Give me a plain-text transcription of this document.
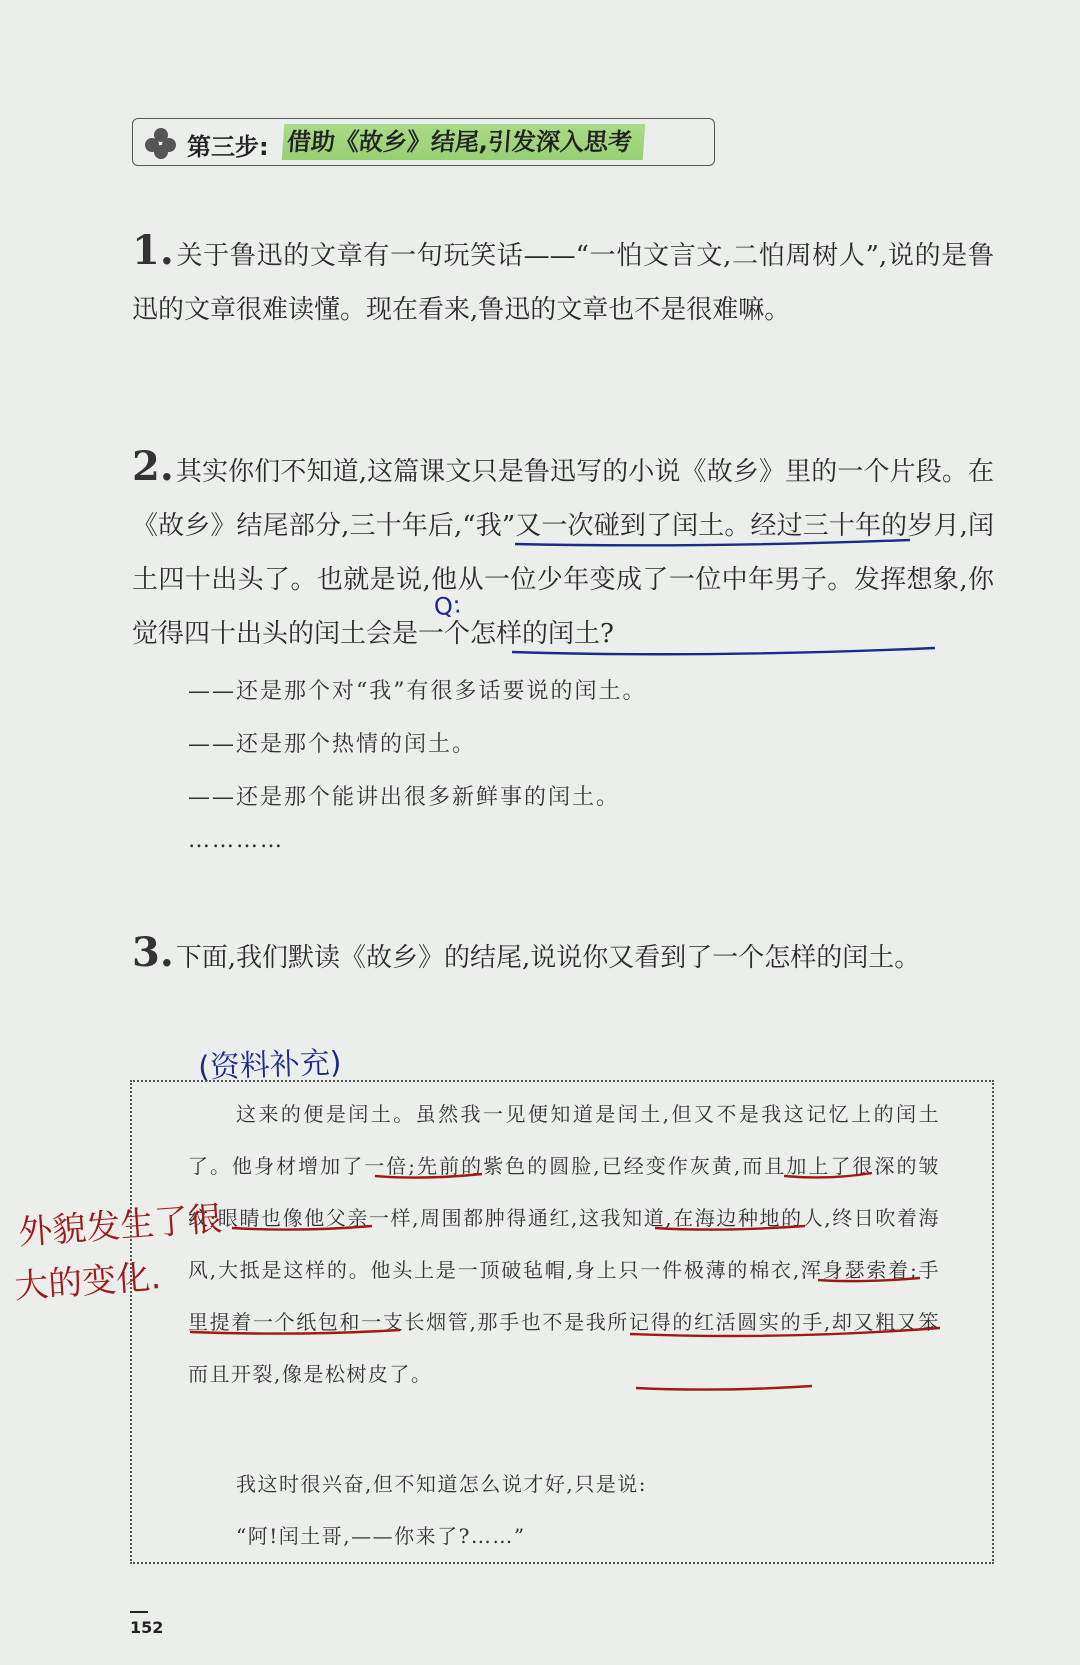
第三步: 借助《故乡》结尾,引发深入思考
1.关于鲁迅的文章有一句玩笑话——“一怕文言文,二怕周树人”,说的是鲁迅的文章很难读懂。现在看来,鲁迅的文章也不是很难嘛。
2.其实你们不知道,这篇课文只是鲁迅写的小说《故乡》里的一个片段。在《故乡》结尾部分,三十年后,“我”又一次碰到了闰土。经过三十年的岁月,闰土四十出头了。也就是说,他从一位少年变成了一位中年男子。发挥想象,你觉得四十出头的闰土会是一个怎样的闰土?
——还是那个对“我”有很多话要说的闰土。
——还是那个热情的闰土。
——还是那个能讲出很多新鲜事的闰土。
…………
Q:
3.下面,我们默读《故乡》的结尾,说说你又看到了一个怎样的闰土。
(资料补充)
这来的便是闰土。虽然我一见便知道是闰土,但又不是我这记忆上的闰土了。他身材增加了一倍;先前的紫色的圆脸,已经变作灰黄,而且加上了很深的皱纹;眼睛也像他父亲一样,周围都肿得通红,这我知道,在海边种地的人,终日吹着海风,大抵是这样的。他头上是一顶破毡帽,身上只一件极薄的棉衣,浑身瑟索着;手里提着一个纸包和一支长烟管,那手也不是我所记得的红活圆实的手,却又粗又笨而且开裂,像是松树皮了。
我这时很兴奋,但不知道怎么说才好,只是说:
“阿!闰土哥,——你来了?……”
外貌发生了很
大的变化.
152
